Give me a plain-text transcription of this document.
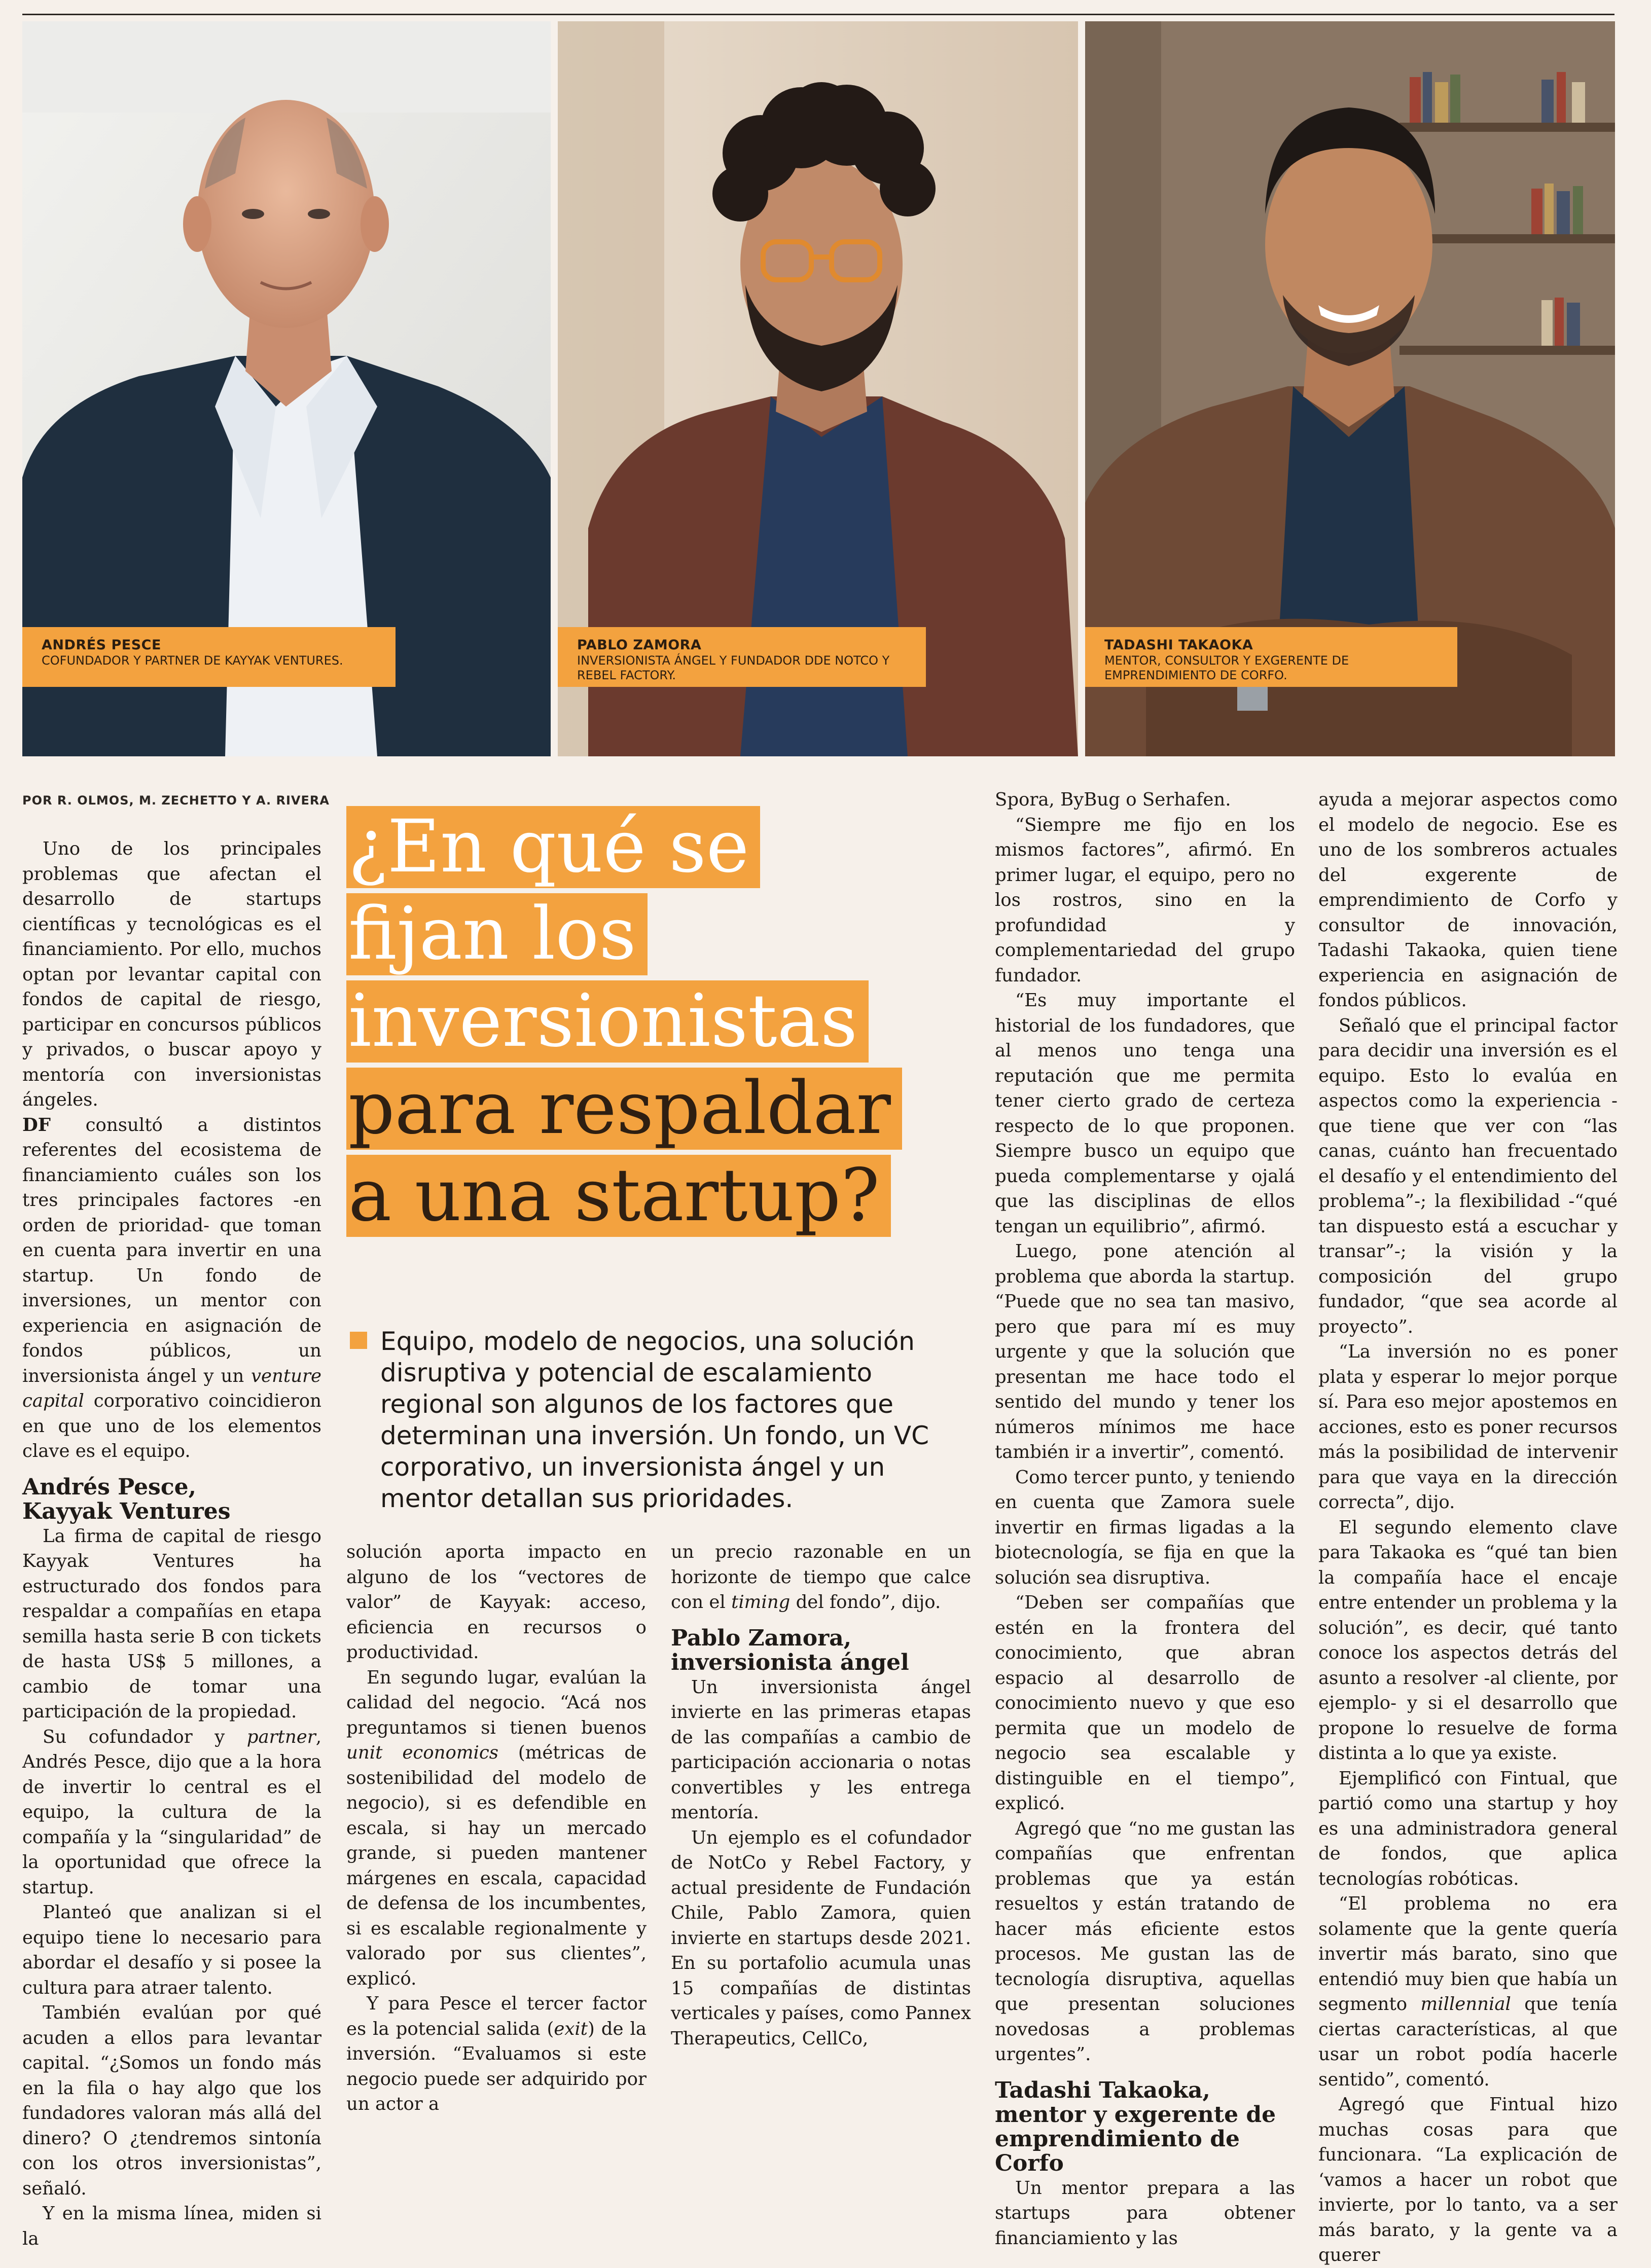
ANDRÉS PESCE
COFUNDADOR Y PARTNER DE KAYYAK VENTURES.
PABLO ZAMORA
INVERSIONISTA ÁNGEL Y FUNDADOR DDE NOTCO Y REBEL FACTORY.
TADASHI TAKAOKA
MENTOR, CONSULTOR Y EXGERENTE DE EMPRENDIMIENTO DE CORFO.
POR R. OLMOS, M. ZECHETTO Y A. RIVERA
¿En qué se
fijan los
inversionistas
para respaldar
a una startup?
Equipo, modelo de negocios, una solución disruptiva y potencial de escalamiento regional son algunos de los factores que determinan una inversión. Un fondo, un VC corporativo, un inversionista ángel y un mentor detallan sus prioridades.

Uno de los principales problemas que afectan el desarrollo de startups científicas y tecnológicas es el financiamiento. Por ello, muchos optan por levantar capital con fondos de capital de riesgo, participar en concursos públicos y privados, o buscar apoyo y mentoría con inversionistas ángeles.

DF consultó a distintos referentes del ecosistema de financiamiento cuáles son los tres principales factores -en orden de prioridad- que toman en cuenta para invertir en una startup. Un fondo de inversiones, un mentor con experiencia en asignación de fondos públicos, un inversionista ángel y un venture capital corporativo coincidieron en que uno de los elementos clave es el equipo.

Andrés Pesce,
Kayyak Ventures

La firma de capital de riesgo Kayyak Ventures ha estructurado dos fondos para respaldar a compañías en etapa semilla hasta serie B con tickets de hasta US$ 5 millones, a cambio de tomar una participación de la propiedad.

Su cofundador y partner, Andrés Pesce, dijo que a la hora de invertir lo central es el equipo, la cultura de la compañía y la “singularidad” de la oportunidad que ofrece la startup.

Planteó que analizan si el equipo tiene lo necesario para abordar el desafío y si posee la cultura para atraer talento.

También evalúan por qué acuden a ellos para levantar capital. “¿Somos un fondo más en la fila o hay algo que los fundadores valoran más allá del dinero? O ¿tendremos sintonía con los otros inversionistas”, señaló.

Y en la misma línea, miden si la

solución aporta impacto en alguno de los “vectores de valor” de Kayyak: acceso, eficiencia en recursos o productividad.

En segundo lugar, evalúan la calidad del negocio. “Acá nos preguntamos si tienen buenos unit economics (métricas de sostenibilidad del modelo de negocio), si es defendible en escala, si hay un mercado grande, si pueden mantener márgenes en escala, capacidad de defensa de los incumbentes, si es escalable regionalmente y valorado por sus clientes”, explicó.

Y para Pesce el tercer factor es la potencial salida (exit) de la inversión. “Evaluamos si este negocio puede ser adquirido por un actor a

un precio razonable en un horizonte de tiempo que calce con el timing del fondo”, dijo.

Pablo Zamora,
inversionista ángel

Un inversionista ángel invierte en las primeras etapas de las compañías a cambio de participación accionaria o notas convertibles y les entrega mentoría.

Un ejemplo es el cofundador de NotCo y Rebel Factory, y actual presidente de Fundación Chile, Pablo Zamora, quien invierte en startups desde 2021. En su portafolio acumula unas 15 compañías de distintas verticales y países, como Pannex Therapeutics, CellCo,

Spora, ByBug o Serhafen.

“Siempre me fijo en los mismos factores”, afirmó. En primer lugar, el equipo, pero no los rostros, sino en la profundidad y complementariedad del grupo fundador.

“Es muy importante el historial de los fundadores, que al menos uno tenga una reputación que me permita tener cierto grado de certeza respecto de lo que proponen. Siempre busco un equipo que pueda complementarse y ojalá que las disciplinas de ellos tengan un equilibrio”, afirmó.

Luego, pone atención al problema que aborda la startup. “Puede que no sea tan masivo, pero que para mí es muy urgente y que la solución que presentan me hace todo el sentido del mundo y tener los números mínimos me hace también ir a invertir”, comentó.

Como tercer punto, y teniendo en cuenta que Zamora suele invertir en firmas ligadas a la biotecnología, se fija en que la solución sea disruptiva.

“Deben ser compañías que estén en la frontera del conocimiento, que abran espacio al desarrollo de conocimiento nuevo y que eso permita que un modelo de negocio sea escalable y distinguible en el tiempo”, explicó.

Agregó que “no me gustan las compañías que enfrentan problemas que ya están resueltos y están tratando de hacer más eficiente estos procesos. Me gustan las de tecnología disruptiva, aquellas que presentan soluciones novedosas a problemas urgentes”.

Tadashi Takaoka,
mentor y exgerente de
emprendimiento de Corfo

Un mentor prepara a las startups para obtener financiamiento y las

ayuda a mejorar aspectos como el modelo de negocio. Ese es uno de los sombreros actuales del exgerente de emprendimiento de Corfo y consultor de innovación, Tadashi Takaoka, quien tiene experiencia en asignación de fondos públicos.

Señaló que el principal factor para decidir una inversión es el equipo. Esto lo evalúa en aspectos como la experiencia - que tiene que ver con “las canas, cuánto han frecuentado el desafío y el entendimiento del problema”-; la flexibilidad -“qué tan dispuesto está a escuchar y transar”-; la visión y la composición del grupo fundador, “que sea acorde al proyecto”.

“La inversión no es poner plata y esperar lo mejor porque sí. Para eso mejor apostemos en acciones, esto es poner recursos más la posibilidad de intervenir para que vaya en la dirección correcta”, dijo.

El segundo elemento clave para Takaoka es “qué tan bien la compañía hace el encaje entre entender un problema y la solución”, es decir, qué tanto conoce los aspectos detrás del asunto a resolver -al cliente, por ejemplo- y si el desarrollo que propone lo resuelve de forma distinta a lo que ya existe.

Ejemplificó con Fintual, que partió como una startup y hoy es una administradora general de fondos, que aplica tecnologías robóticas.

“El problema no era solamente que la gente quería invertir más barato, sino que entendió muy bien que había un segmento millennial que tenía ciertas características, al que usar un robot podía hacerle sentido”, comentó.

Agregó que Fintual hizo muchas cosas para que funcionara. “La explicación de ‘vamos a hacer un robot que invierte, por lo tanto, va a ser más barato, y la gente va a querer
